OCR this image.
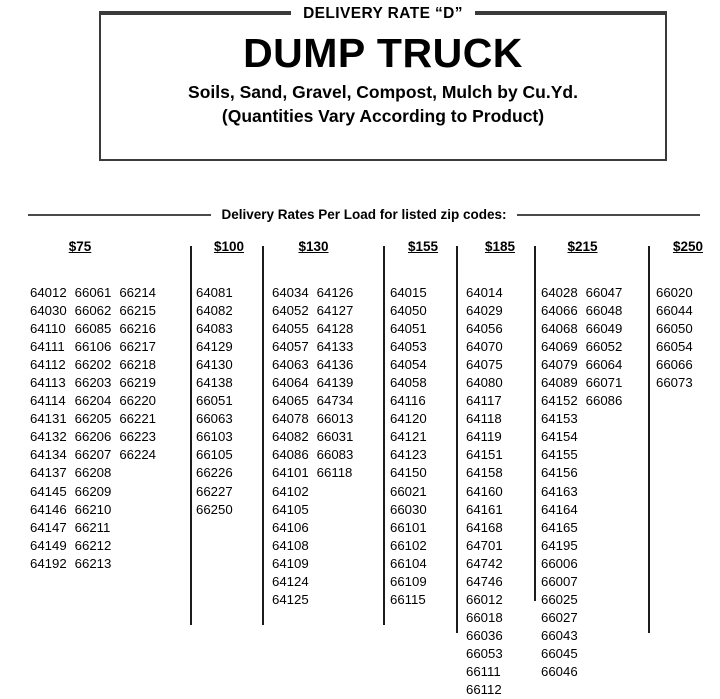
DELIVERY RATE “D”
DUMP TRUCK
Soils, Sand, Gravel, Compost, Mulch by Cu.Yd.
(Quantities Vary According to Product)
Delivery Rates Per Load for listed zip codes:
$75
64012
64030
64110
64111
64112
64113
64114
64131
64132
64134
64137
64145
64146
64147
64149
64192
66061
66062
66085
66106
66202
66203
66204
66205
66206
66207
66208
66209
66210
66211
66212
66213
66214
66215
66216
66217
66218
66219
66220
66221
66223
66224
$100
64081
64082
64083
64129
64130
64138
66051
66063
66103
66105
66226
66227
66250
$130
64034
64052
64055
64057
64063
64064
64065
64078
64082
64086
64101
64102
64105
64106
64108
64109
64124
64125
64126
64127
64128
64133
64136
64139
64734
66013
66031
66083
66118
$155
64015
64050
64051
64053
64054
64058
64116
64120
64121
64123
64150
66021
66030
66101
66102
66104
66109
66115
$185
64014
64029
64056
64070
64075
64080
64117
64118
64119
64151
64158
64160
64161
64168
64701
64742
64746
66012
66018
66036
66053
66111
66112
$215
64028
64066
64068
64069
64079
64089
64152
64153
64154
64155
64156
64163
64164
64165
64195
66006
66007
66025
66027
66043
66045
66046
66047
66048
66049
66052
66064
66071
66086
$250
66020
66044
66050
66054
66066
66073
